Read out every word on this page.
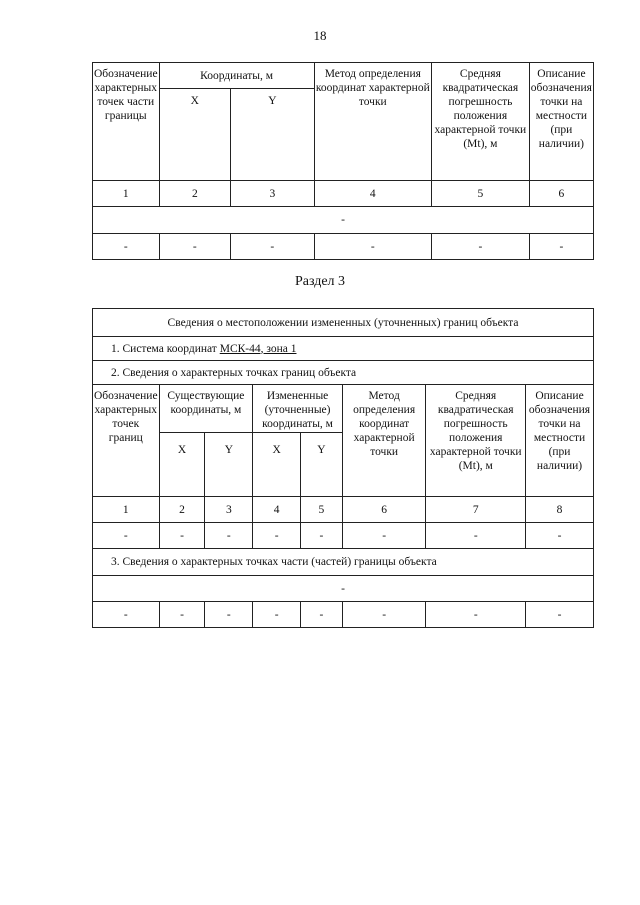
18
Обозначение характерных точек части границы	Координаты, м		Метод определения координат характерной точки	Средняя квадратическая погрешность положения характерной точки (Mt), м	Описание обозначения точки на местности (при наличии)
	X	Y			
1	2	3	4	5	6
-					
-	-	-	-	-	-
Раздел 3
Сведения о местоположении измененных (уточненных) границ объекта							
1. Система координат МСК-44, зона 1							
2. Сведения о характерных точках границ объекта							
Обозначение характерных точек границ	Существующие координаты, м		Измененные (уточненные) координаты, м		Метод определения координат характерной точки	Средняя квадратическая погрешность положения характерной точки (Mt), м	Описание обозначения точки на местности (при наличии)
	X	Y	X	Y			
1	2	3	4	5	6	7	8
-	-	-	-	-	-	-	-
3. Сведения о характерных точках части (частей) границы объекта							
-							
-	-	-	-	-	-	-	-
